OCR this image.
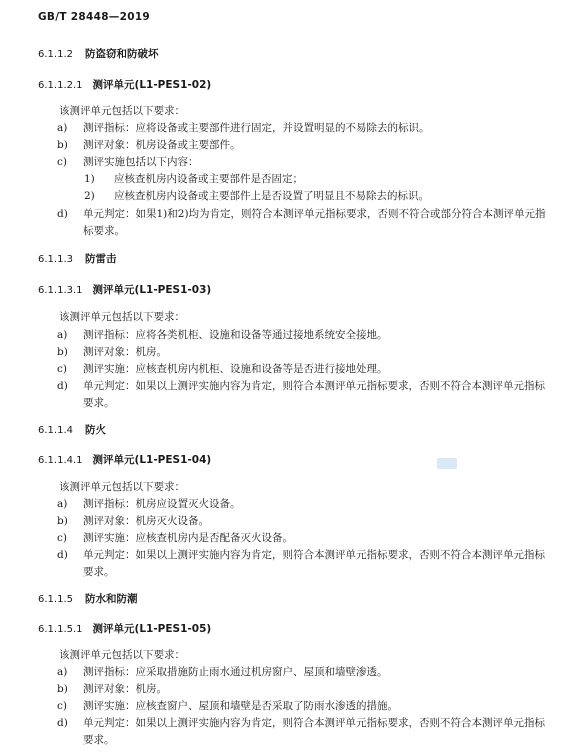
GB/T 28448—2019
6.1.1.2 防盗窃和防破坏
6.1.1.2.1 测评单元(L1-PES1-02)
该测评单元包括以下要求：
a)	测评指标：应将设备或主要部件进行固定，并设置明显的不易除去的标识。
b)	测评对象：机房设备或主要部件。
c)	测评实施包括以下内容：
1) 应核查机房内设备或主要部件是否固定；
2) 应核查机房内设备或主要部件上是否设置了明显且不易除去的标识。
d)	单元判定：如果1)和2)均为肯定，则符合本测评单元指标要求，否则不符合或部分符合本测评单元指标要求。
6.1.1.3 防雷击
6.1.1.3.1 测评单元(L1-PES1-03)
该测评单元包括以下要求：
a)	测评指标：应将各类机柜、设施和设备等通过接地系统安全接地。
b)	测评对象：机房。
c)	测评实施：应核查机房内机柜、设施和设备等是否进行接地处理。
d)	单元判定：如果以上测评实施内容为肯定，则符合本测评单元指标要求，否则不符合本测评单元指标要求。
6.1.1.4 防火
6.1.1.4.1 测评单元(L1-PES1-04)
该测评单元包括以下要求：
a)	测评指标：机房应设置灭火设备。
b)	测评对象：机房灭火设备。
c)	测评实施：应核查机房内是否配备灭火设备。
d)	单元判定：如果以上测评实施内容为肯定，则符合本测评单元指标要求，否则不符合本测评单元指标要求。
6.1.1.5 防水和防潮
6.1.1.5.1 测评单元(L1-PES1-05)
该测评单元包括以下要求：
a)	测评指标：应采取措施防止雨水通过机房窗户、屋顶和墙壁渗透。
b)	测评对象：机房。
c)	测评实施：应核查窗户、屋顶和墙壁是否采取了防雨水渗透的措施。
d)	单元判定：如果以上测评实施内容为肯定，则符合本测评单元指标要求，否则不符合本测评单元指标要求。
